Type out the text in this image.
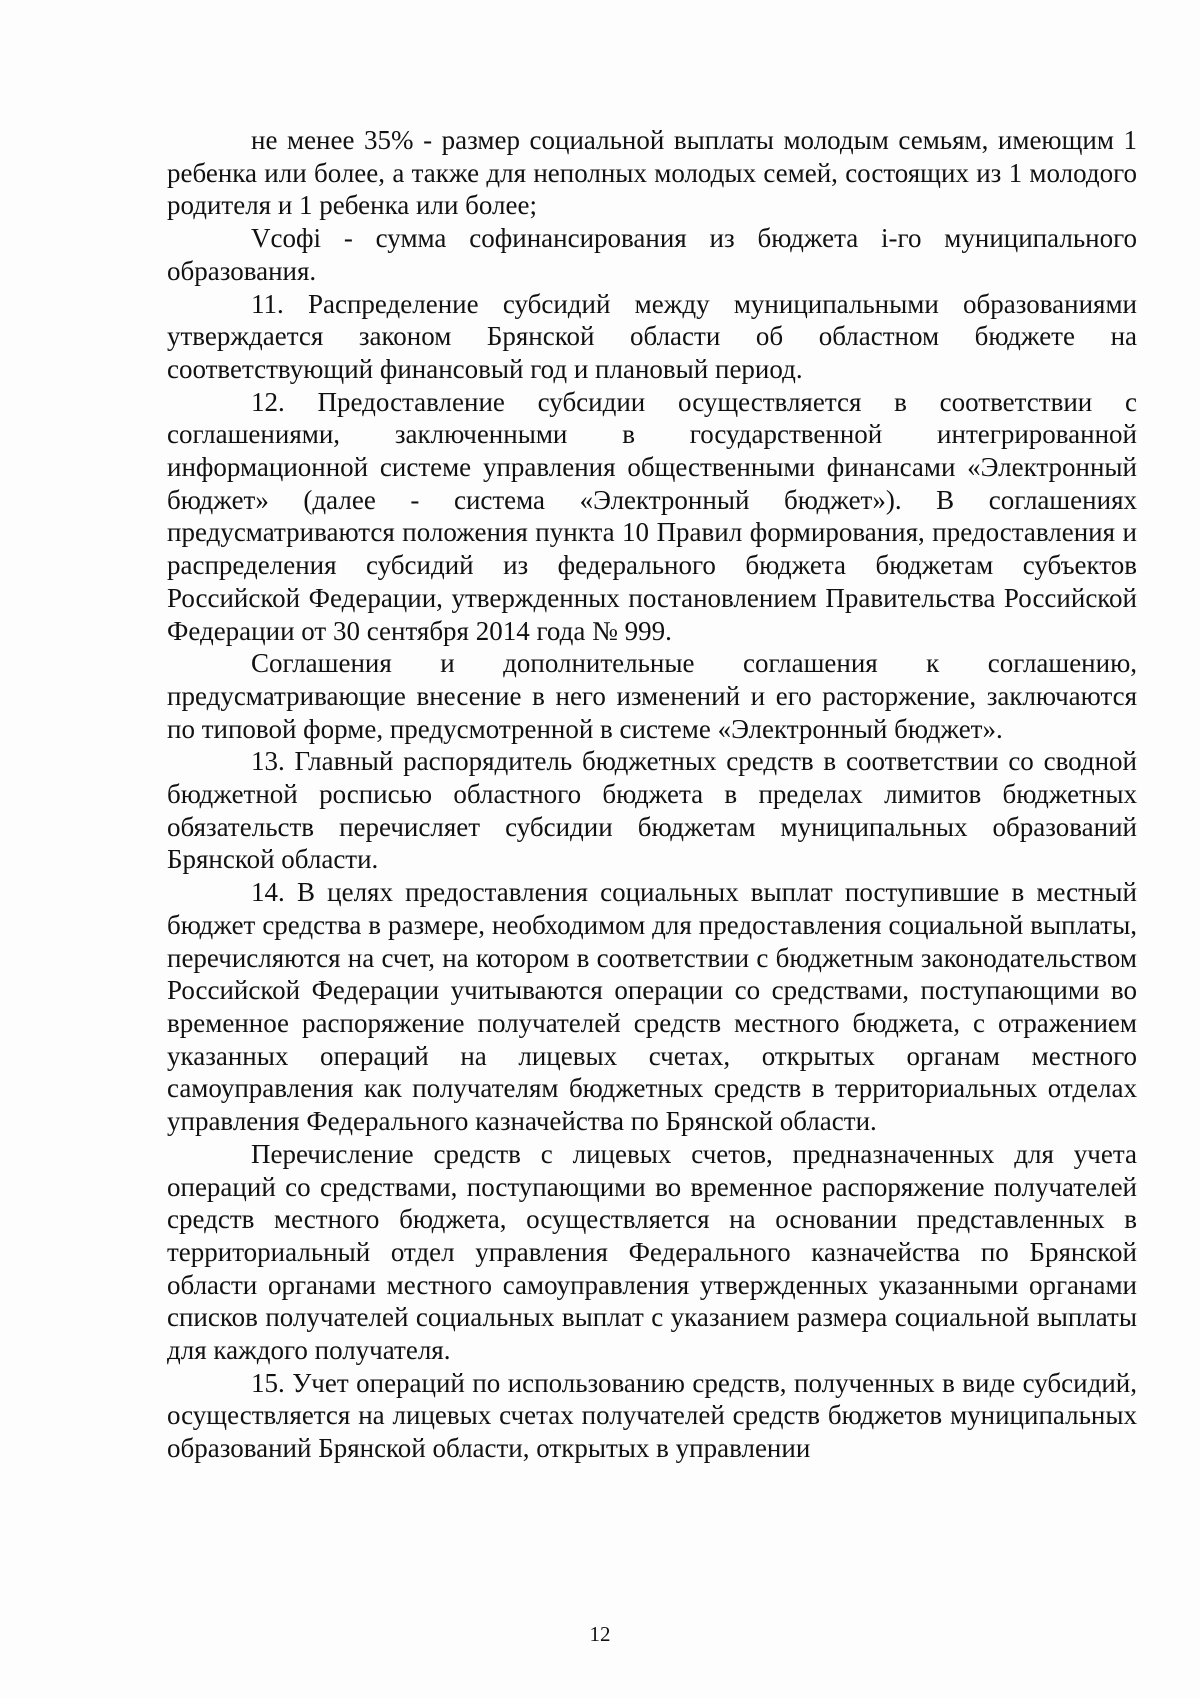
не менее 35% - размер социальной выплаты молодым семьям, имеющим 1 ребенка или более, а также для неполных молодых семей, состоящих из 1 молодого родителя и 1 ребенка или более;

Vсофi - сумма софинансирования из бюджета i-го муниципального образования.

11. Распределение субсидий между муниципальными образованиями утверждается законом Брянской области об областном бюджете на соответствующий финансовый год и плановый период.

12. Предоставление субсидии осуществляется в соответствии с соглашениями, заключенными в государственной интегрированной информационной системе управления общественными финансами «Электронный бюджет» (далее - система «Электронный бюджет»). В соглашениях предусматриваются положения пункта 10 Правил формирования, предоставления и распределения субсидий из федерального бюджета бюджетам субъектов Российской Федерации, утвержденных постановлением Правительства Российской Федерации от 30 сентября 2014 года № 999.

Соглашения и дополнительные соглашения к соглашению, предусматривающие внесение в него изменений и его расторжение, заключаются по типовой форме, предусмотренной в системе «Электронный бюджет».

13. Главный распорядитель бюджетных средств в соответствии со сводной бюджетной росписью областного бюджета в пределах лимитов бюджетных обязательств перечисляет субсидии бюджетам муниципальных образований Брянской области.

14. В целях предоставления социальных выплат поступившие в местный бюджет средства в размере, необходимом для предоставления социальной выплаты, перечисляются на счет, на котором в соответствии с бюджетным законодательством Российской Федерации учитываются операции со средствами, поступающими во временное распоряжение получателей средств местного бюджета, с отражением указанных операций на лицевых счетах, открытых органам местного самоуправления как получателям бюджетных средств в территориальных отделах управления Федерального казначейства по Брянской области.

Перечисление средств с лицевых счетов, предназначенных для учета операций со средствами, поступающими во временное распоряжение получателей средств местного бюджета, осуществляется на основании представленных в территориальный отдел управления Федерального казначейства по Брянской области органами местного самоуправления утвержденных указанными органами списков получателей социальных выплат с указанием размера социальной выплаты для каждого получателя.

15. Учет операций по использованию средств, полученных в виде субсидий, осуществляется на лицевых счетах получателей средств бюджетов муниципальных образований Брянской области, открытых в управлении

12
